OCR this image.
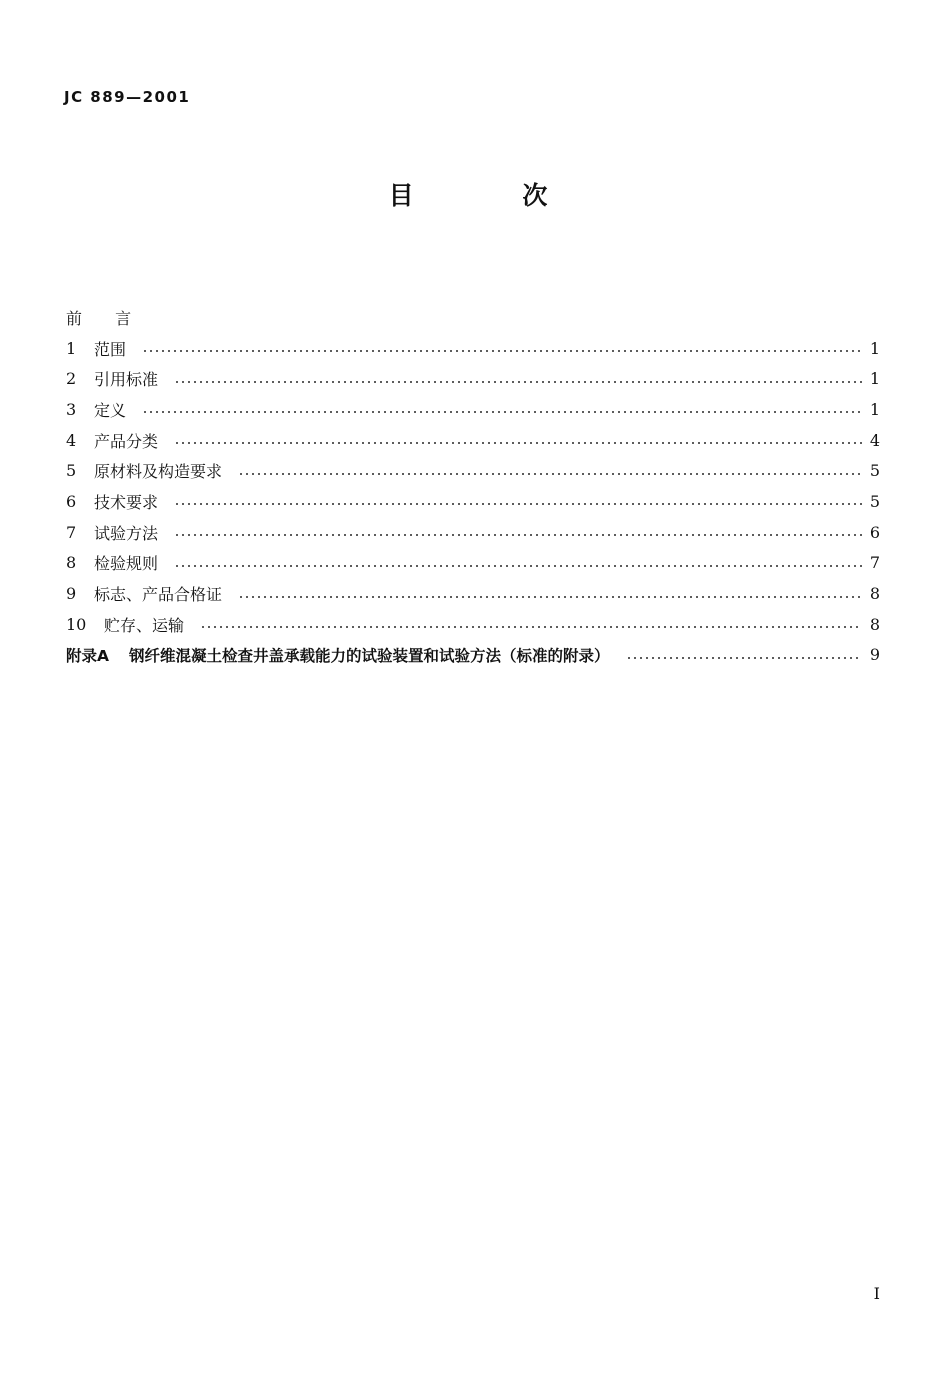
JC 889—2001
目 次
前 言
1	范围	1
2	引用标准	1
3	定义	1
4	产品分类	4
5	原材料及构造要求	5
6	技术要求	5
7	试验方法	6
8	检验规则	7
9	标志、产品合格证	8
10	贮存、运输	8
附录A 钢纤维混凝土检查井盖承载能力的试验装置和试验方法（标准的附录）	9
I
